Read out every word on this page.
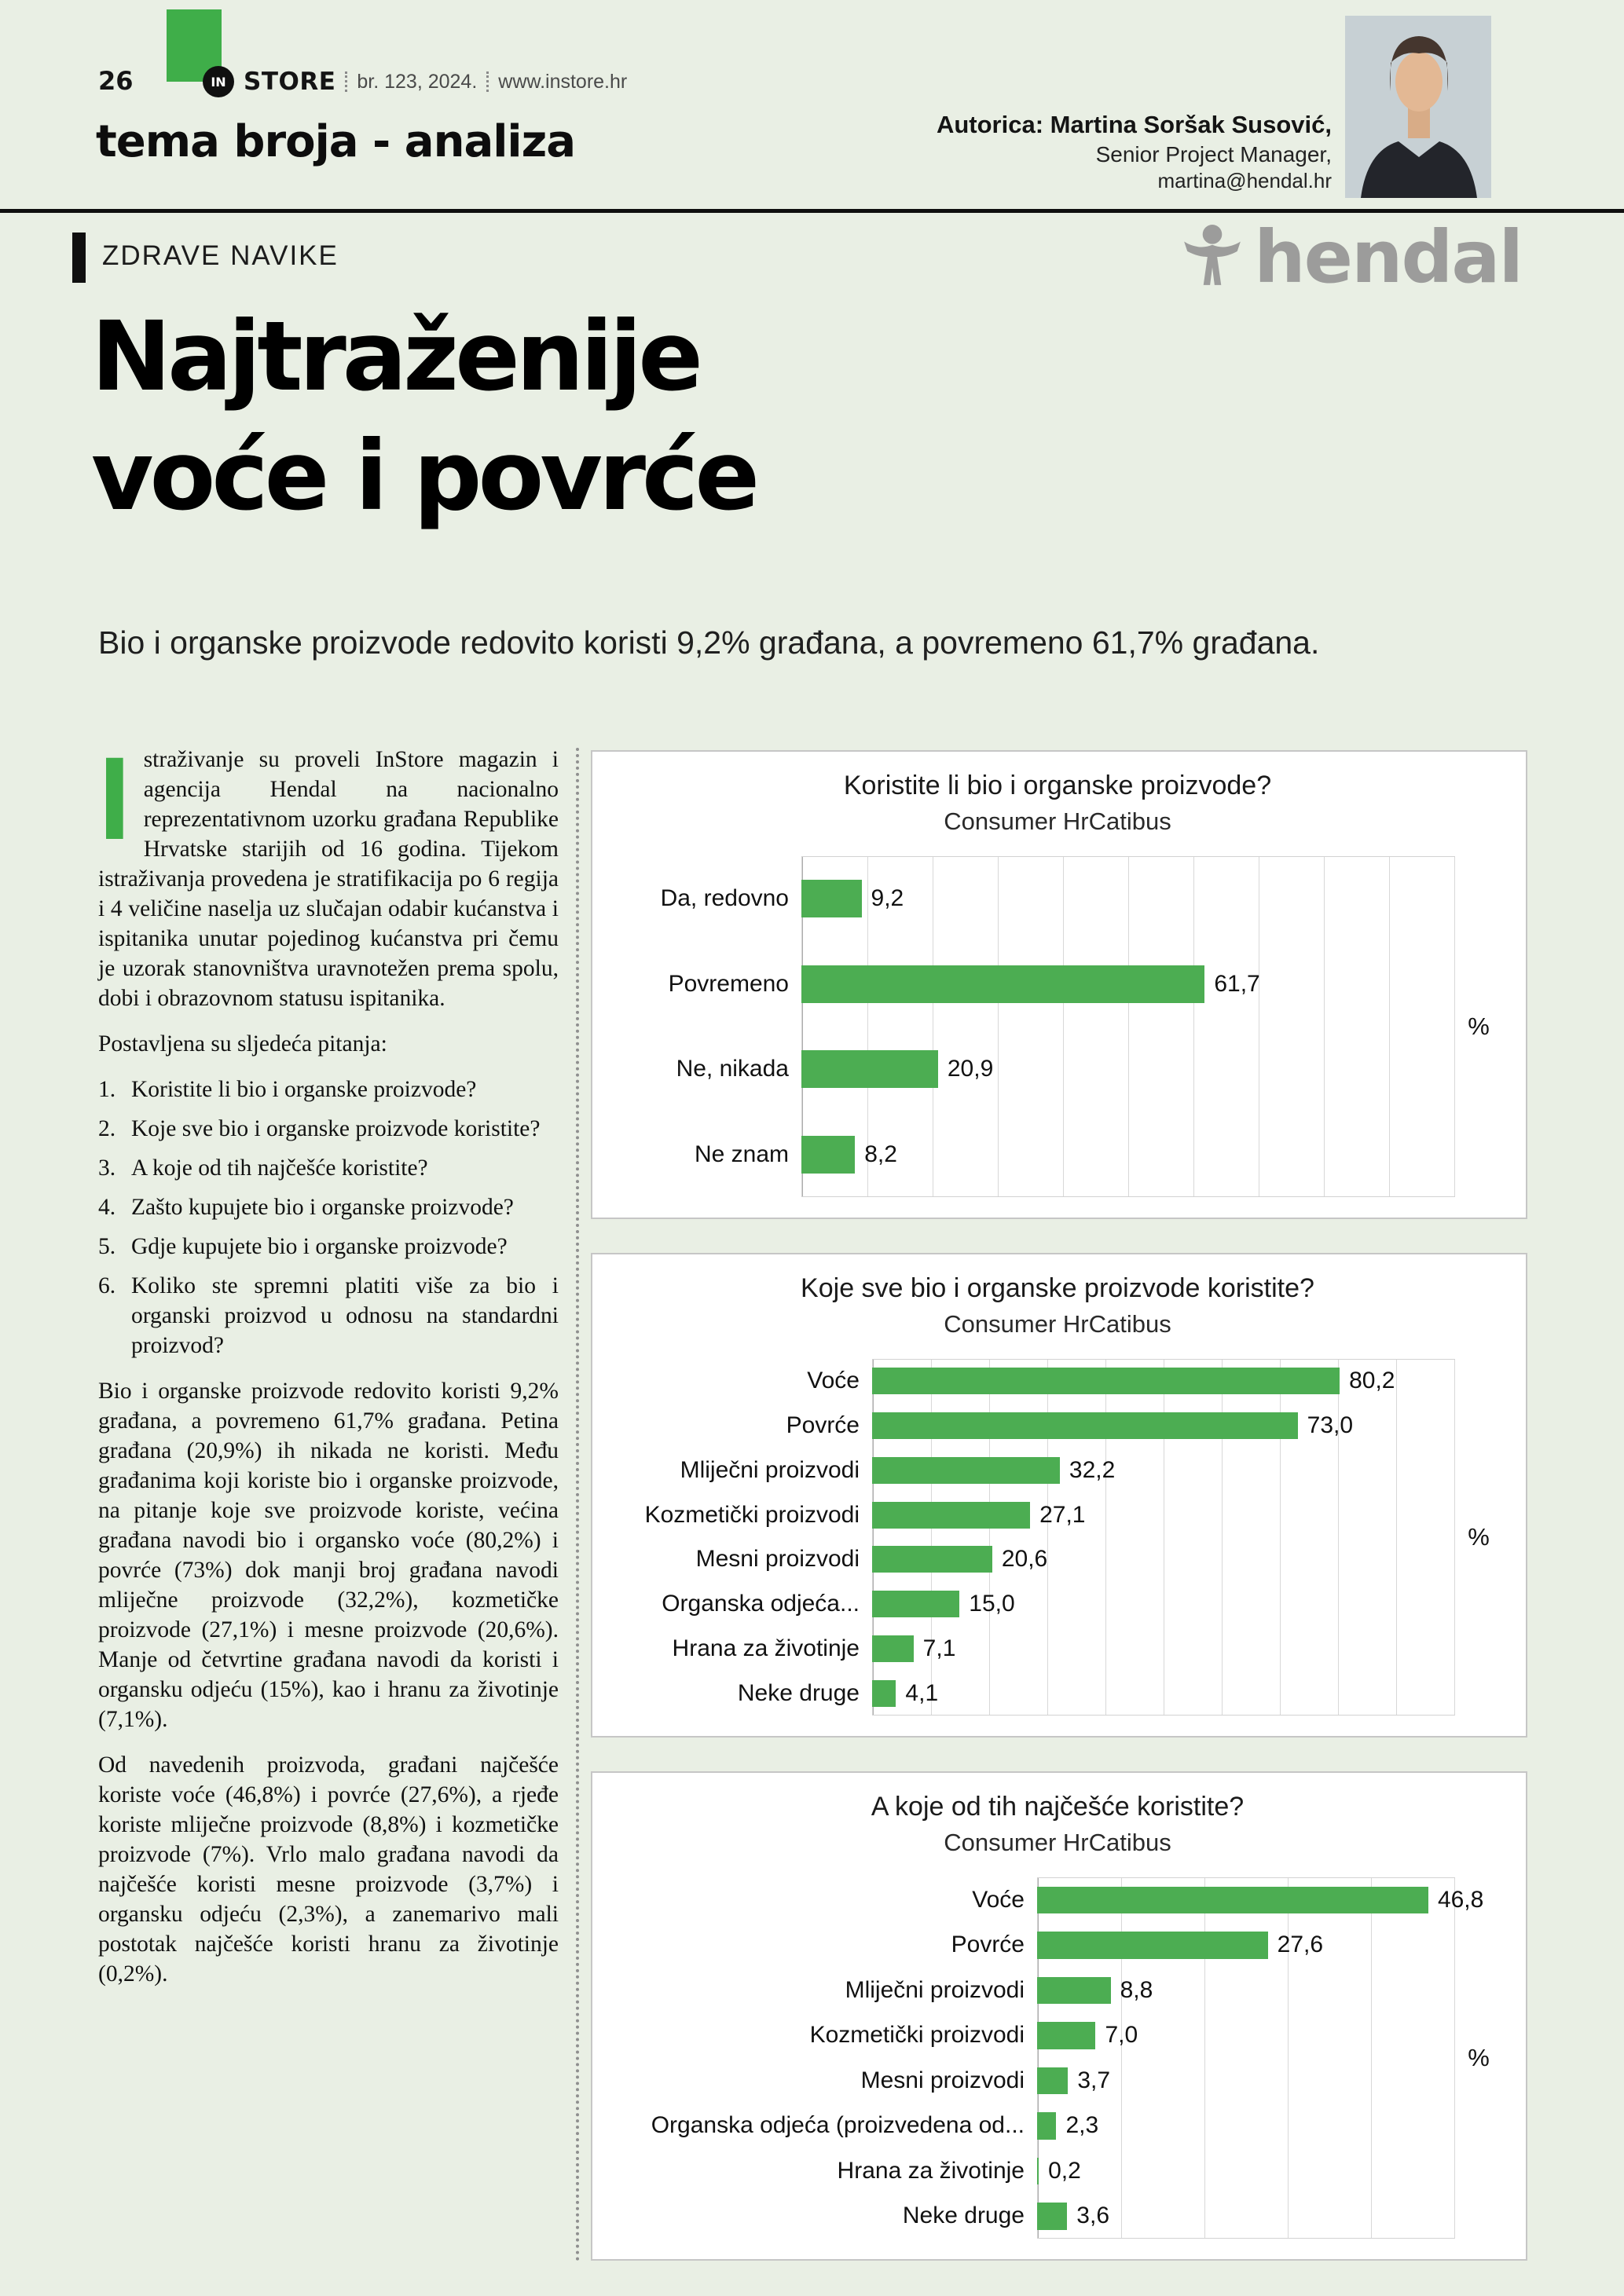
26	IN STORE br. 123, 2024. www.instore.hr
tema broja - analiza	Autorica: Martina Soršak Susović,
Senior Project Manager,
martina@hendal.hr
ZDRAVE NAVIKE	hendal
Najtraženije
voće i povrće
Bio i organske proizvode redovito koristi 9,2% građana, a povremeno 61,7% građana.

Istraživanje su proveli InStore magazin i agencija Hendal na nacionalno reprezentativnom uzorku građana Republike Hrvatske starijih od 16 godina. Tijekom istraživanja provedena je stratifikacija po 6 regija i 4 veličine naselja uz slučajan odabir kućanstva i ispitanika unutar pojedinog kućanstva pri čemu je uzorak stanovništva uravnotežen prema spolu, dobi i obrazovnom statusu ispitanika.

Postavljena su sljedeća pitanja:

1. Koristite li bio i organske proizvode?
2. Koje sve bio i organske proizvode koristite?
3. A koje od tih najčešće koristite?
4. Zašto kupujete bio i organske proizvode?
5. Gdje kupujete bio i organske proizvode?
6. Koliko ste spremni platiti više za bio i organski proizvod u odnosu na standardni proizvod?

Bio i organske proizvode redovito koristi 9,2% građana, a povremeno 61,7% građana. Petina građana (20,9%) ih nikada ne koristi. Među građanima koji koriste bio i organske proizvode, na pitanje koje sve proizvode koriste, većina građana navodi bio i organsko voće (80,2%) i povrće (73%) dok manji broj građana navodi mliječne proizvode (32,2%), kozmetičke proizvode (27,1%) i mesne proizvode (20,6%). Manje od četvrtine građana navodi da koristi i organsku odjeću (15%), kao i hranu za životinje (7,1%).

Od navedenih proizvoda, građani najčešće koriste voće (46,8%) i povrće (27,6%), a rjeđe koriste mliječne proizvode (8,8%) i kozmetičke proizvode (7%). Vrlo malo građana navodi da najčešće koristi mesne proizvode (3,7%) i organsku odjeću (2,3%), a zanemarivo mali postotak najčešće koristi hranu za životinje (0,2%).

Koristite li bio i organske proizvode?
Consumer HrCatibus
Da, redovno
Povremeno
Ne, nikada
Ne znam
9,2
61,7
20,9
8,2
%
Koje sve bio i organske proizvode koristite?
Consumer HrCatibus
Voće
Povrće
Mliječni proizvodi
Kozmetički proizvodi
Mesni proizvodi
Organska odjeća...
Hrana za životinje
Neke druge
80,2
73,0
32,2
27,1
20,6
15,0
7,1
4,1
%
A koje od tih najčešće koristite?
Consumer HrCatibus
Voće
Povrće
Mliječni proizvodi
Kozmetički proizvodi
Mesni proizvodi
Organska odjeća (proizvedena od...
Hrana za životinje
Neke druge
46,8
27,6
8,8
7,0
3,7
2,3
0,2
3,6
%
